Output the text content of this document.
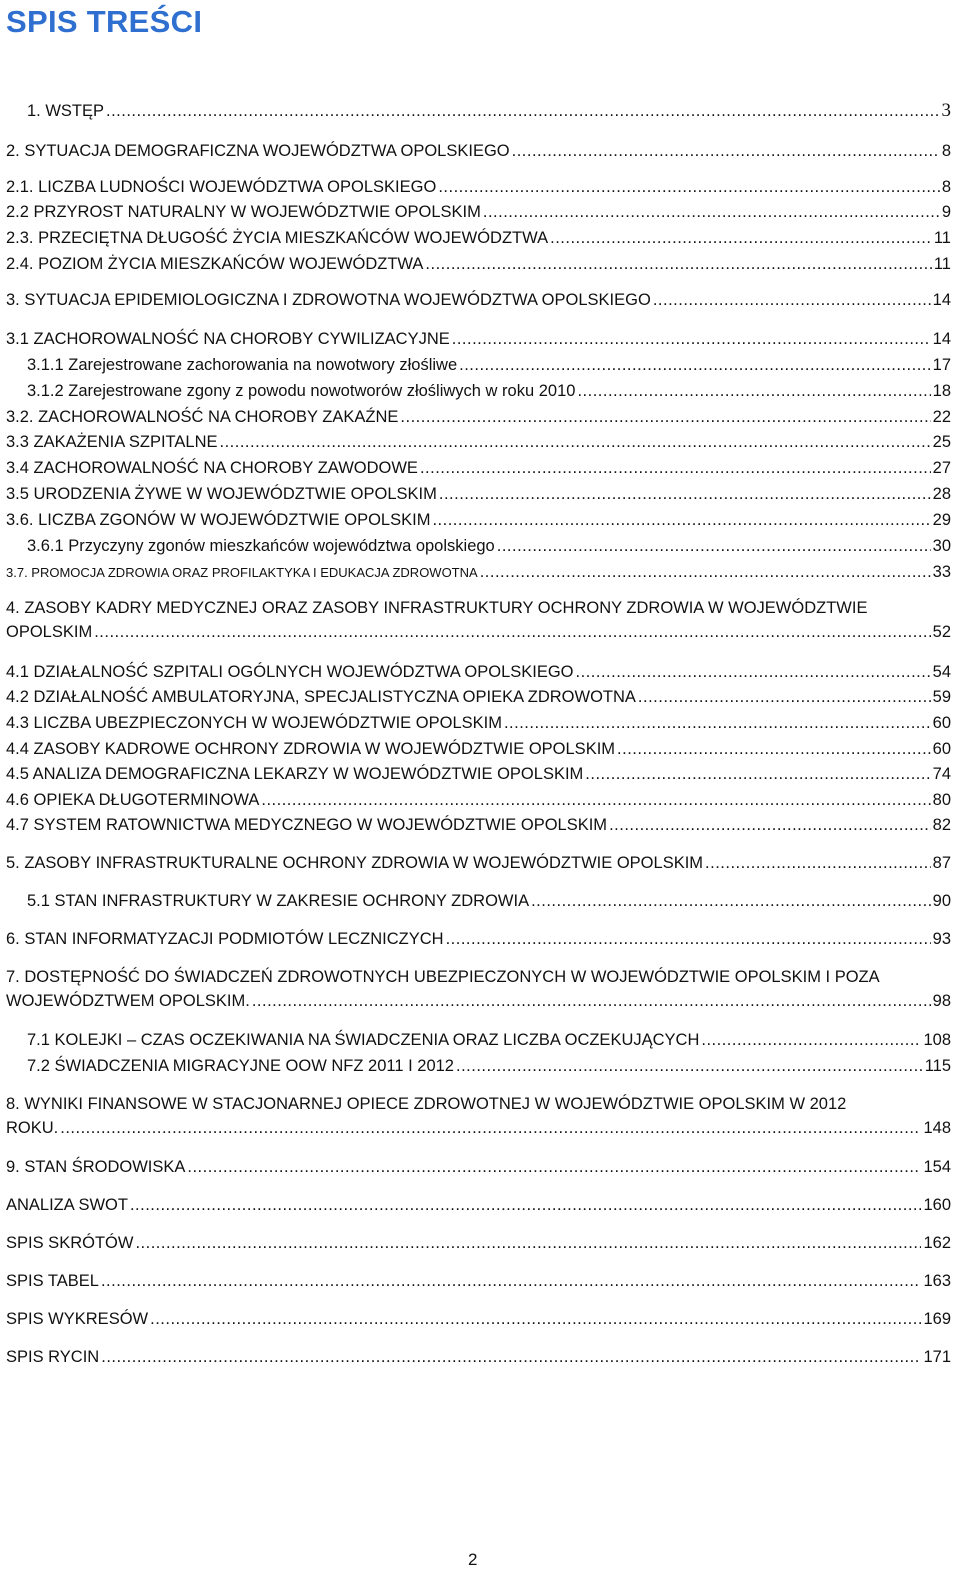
SPIS TREŚCI
1. WSTĘP .....	3
2. SYTUACJA DEMOGRAFICZNA WOJEWÓDZTWA OPOLSKIEGO .....	8
2.1. LICZBA LUDNOŚCI WOJEWÓDZTWA OPOLSKIEGO .....	8
2.2 PRZYROST NATURALNY W WOJEWÓDZTWIE OPOLSKIM .....	9
2.3. PRZECIĘTNA DŁUGOŚĆ ŻYCIA MIESZKAŃCÓW WOJEWÓDZTWA .....	11
2.4. POZIOM ŻYCIA MIESZKAŃCÓW WOJEWÓDZTWA .....	11
3. SYTUACJA EPIDEMIOLOGICZNA I ZDROWOTNA WOJEWÓDZTWA OPOLSKIEGO .....	14
3.1 ZACHOROWALNOŚĆ NA CHOROBY CYWILIZACYJNE .....	14
3.1.1 Zarejestrowane zachorowania na nowotwory złośliwe .....	17
3.1.2 Zarejestrowane zgony z powodu nowotworów złośliwych w roku 2010 .....	18
3.2. ZACHOROWALNOŚĆ NA CHOROBY ZAKAŹNE .....	22
3.3 ZAKAŻENIA SZPITALNE .....	25
3.4 ZACHOROWALNOŚĆ NA CHOROBY ZAWODOWE .....	27
3.5 URODZENIA ŻYWE W WOJEWÓDZTWIE OPOLSKIM .....	28
3.6. LICZBA ZGONÓW W WOJEWÓDZTWIE OPOLSKIM .....	29
3.6.1 Przyczyny zgonów mieszkańców województwa opolskiego .....	30
3.7. PROMOCJA ZDROWIA ORAZ PROFILAKTYKA I EDUKACJA ZDROWOTNA .....	33
4. ZASOBY KADRY MEDYCZNEJ ORAZ ZASOBY INFRASTRUKTURY OCHRONY ZDROWIA W WOJEWÓDZTWIE
OPOLSKIM .....	52
4.1 DZIAŁALNOŚĆ SZPITALI OGÓLNYCH WOJEWÓDZTWA OPOLSKIEGO .....	54
4.2 DZIAŁALNOŚĆ AMBULATORYJNA, SPECJALISTYCZNA OPIEKA ZDROWOTNA .....	59
4.3 LICZBA UBEZPIECZONYCH W WOJEWÓDZTWIE OPOLSKIM .....	60
4.4 ZASOBY KADROWE OCHRONY ZDROWIA W WOJEWÓDZTWIE OPOLSKIM .....	60
4.5 ANALIZA DEMOGRAFICZNA LEKARZY W WOJEWÓDZTWIE OPOLSKIM .....	74
4.6 OPIEKA DŁUGOTERMINOWA .....	80
4.7 SYSTEM RATOWNICTWA MEDYCZNEGO W WOJEWÓDZTWIE OPOLSKIM .....	82
5. ZASOBY INFRASTRUKTURALNE OCHRONY ZDROWIA W WOJEWÓDZTWIE OPOLSKIM .....	87
5.1 STAN INFRASTRUKTURY W ZAKRESIE OCHRONY ZDROWIA .....	90
6. STAN INFORMATYZACJI PODMIOTÓW LECZNICZYCH .....	93
7. DOSTĘPNOŚĆ DO ŚWIADCZEŃ ZDROWOTNYCH UBEZPIECZONYCH W WOJEWÓDZTWIE OPOLSKIM I POZA
WOJEWÓDZTWEM OPOLSKIM. .....	98
7.1 KOLEJKI – CZAS OCZEKIWANIA NA ŚWIADCZENIA ORAZ LICZBA OCZEKUJĄCYCH .....	108
7.2 ŚWIADCZENIA MIGRACYJNE OOW NFZ 2011 I 2012 .....	115
8. WYNIKI FINANSOWE W STACJONARNEJ OPIECE ZDROWOTNEJ W WOJEWÓDZTWIE OPOLSKIM W 2012
ROKU. .....	148
9. STAN ŚRODOWISKA .....	154
ANALIZA SWOT .....	160
SPIS SKRÓTÓW .....	162
SPIS TABEL .....	163
SPIS WYKRESÓW .....	169
SPIS RYCIN .....	171
2
